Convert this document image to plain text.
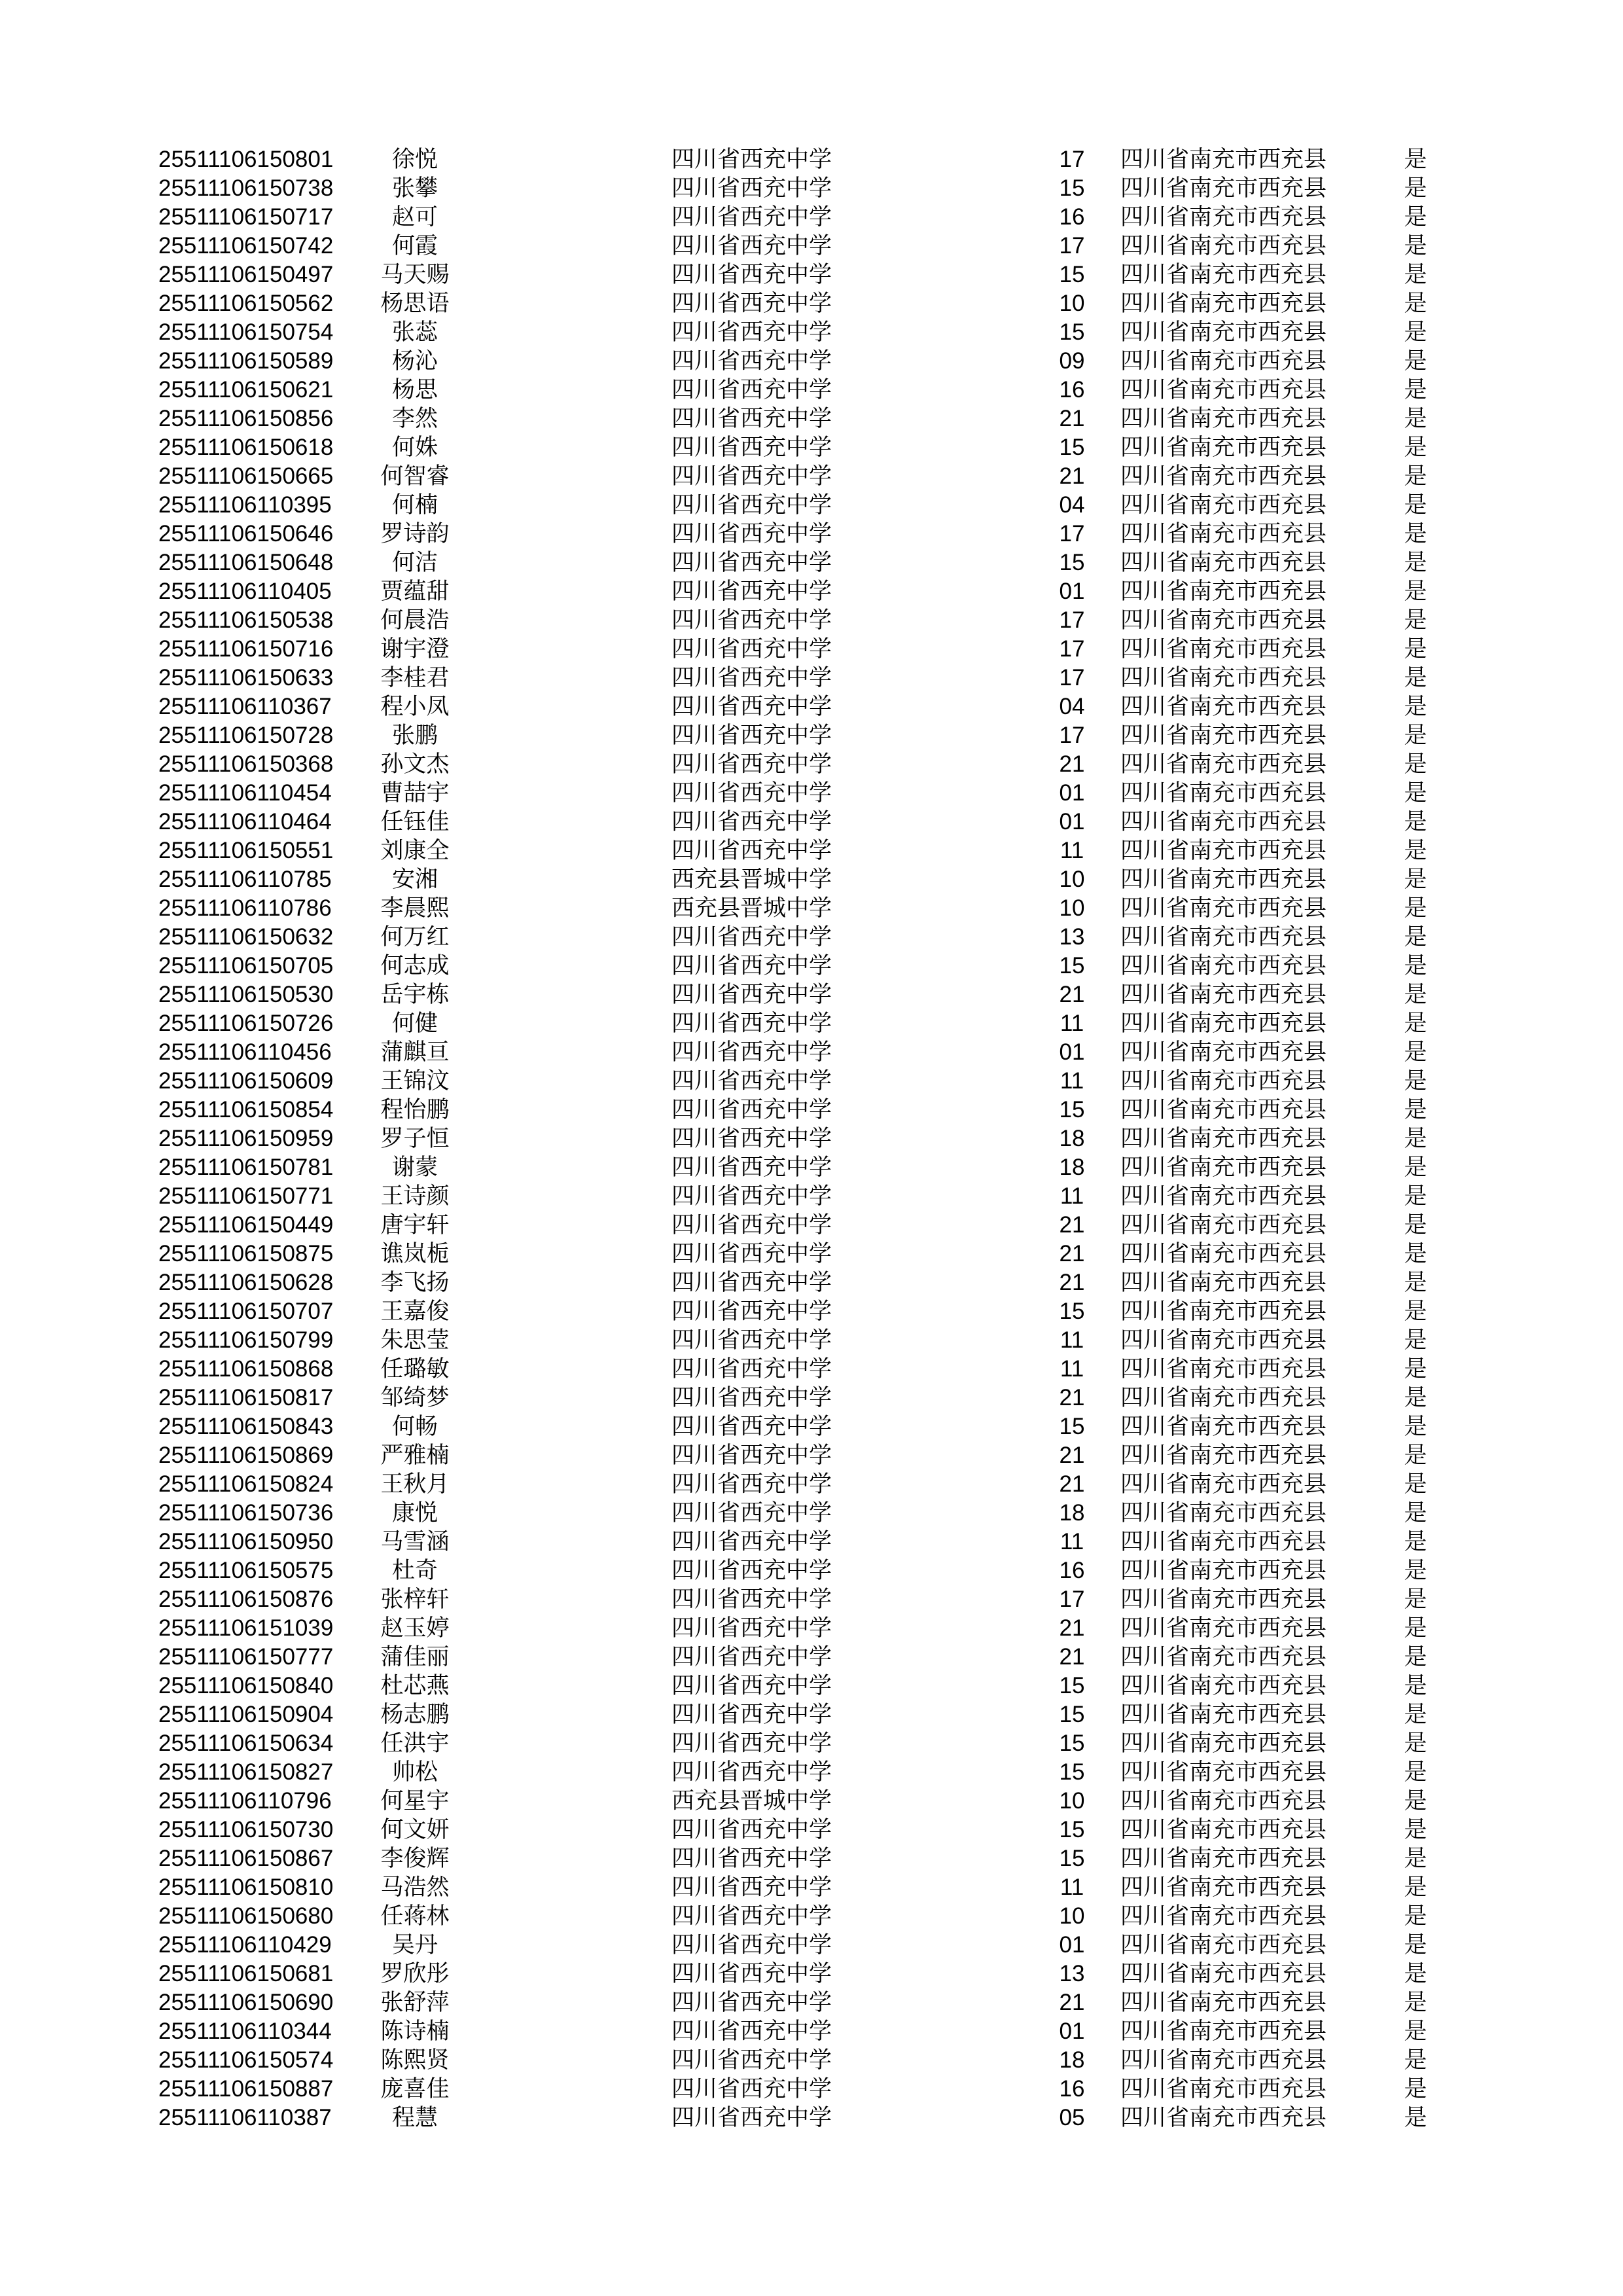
25511106150801	徐悦	四川省西充中学	17	四川省南充市西充县	是
25511106150738	张攀	四川省西充中学	15	四川省南充市西充县	是
25511106150717	赵可	四川省西充中学	16	四川省南充市西充县	是
25511106150742	何霞	四川省西充中学	17	四川省南充市西充县	是
25511106150497	马天赐	四川省西充中学	15	四川省南充市西充县	是
25511106150562	杨思语	四川省西充中学	10	四川省南充市西充县	是
25511106150754	张蕊	四川省西充中学	15	四川省南充市西充县	是
25511106150589	杨沁	四川省西充中学	09	四川省南充市西充县	是
25511106150621	杨思	四川省西充中学	16	四川省南充市西充县	是
25511106150856	李然	四川省西充中学	21	四川省南充市西充县	是
25511106150618	何姝	四川省西充中学	15	四川省南充市西充县	是
25511106150665	何智睿	四川省西充中学	21	四川省南充市西充县	是
25511106110395	何楠	四川省西充中学	04	四川省南充市西充县	是
25511106150646	罗诗韵	四川省西充中学	17	四川省南充市西充县	是
25511106150648	何洁	四川省西充中学	15	四川省南充市西充县	是
25511106110405	贾蕴甜	四川省西充中学	01	四川省南充市西充县	是
25511106150538	何晨浩	四川省西充中学	17	四川省南充市西充县	是
25511106150716	谢宇澄	四川省西充中学	17	四川省南充市西充县	是
25511106150633	李桂君	四川省西充中学	17	四川省南充市西充县	是
25511106110367	程小凤	四川省西充中学	04	四川省南充市西充县	是
25511106150728	张鹏	四川省西充中学	17	四川省南充市西充县	是
25511106150368	孙文杰	四川省西充中学	21	四川省南充市西充县	是
25511106110454	曹喆宇	四川省西充中学	01	四川省南充市西充县	是
25511106110464	任钰佳	四川省西充中学	01	四川省南充市西充县	是
25511106150551	刘康全	四川省西充中学	11	四川省南充市西充县	是
25511106110785	安湘	西充县晋城中学	10	四川省南充市西充县	是
25511106110786	李晨熙	西充县晋城中学	10	四川省南充市西充县	是
25511106150632	何万红	四川省西充中学	13	四川省南充市西充县	是
25511106150705	何志成	四川省西充中学	15	四川省南充市西充县	是
25511106150530	岳宇栋	四川省西充中学	21	四川省南充市西充县	是
25511106150726	何健	四川省西充中学	11	四川省南充市西充县	是
25511106110456	蒲麒亘	四川省西充中学	01	四川省南充市西充县	是
25511106150609	王锦汶	四川省西充中学	11	四川省南充市西充县	是
25511106150854	程怡鹏	四川省西充中学	15	四川省南充市西充县	是
25511106150959	罗子恒	四川省西充中学	18	四川省南充市西充县	是
25511106150781	谢蒙	四川省西充中学	18	四川省南充市西充县	是
25511106150771	王诗颜	四川省西充中学	11	四川省南充市西充县	是
25511106150449	唐宇轩	四川省西充中学	21	四川省南充市西充县	是
25511106150875	谯岚栀	四川省西充中学	21	四川省南充市西充县	是
25511106150628	李飞扬	四川省西充中学	21	四川省南充市西充县	是
25511106150707	王嘉俊	四川省西充中学	15	四川省南充市西充县	是
25511106150799	朱思莹	四川省西充中学	11	四川省南充市西充县	是
25511106150868	任璐敏	四川省西充中学	11	四川省南充市西充县	是
25511106150817	邹绮梦	四川省西充中学	21	四川省南充市西充县	是
25511106150843	何畅	四川省西充中学	15	四川省南充市西充县	是
25511106150869	严雅楠	四川省西充中学	21	四川省南充市西充县	是
25511106150824	王秋月	四川省西充中学	21	四川省南充市西充县	是
25511106150736	康悦	四川省西充中学	18	四川省南充市西充县	是
25511106150950	马雪涵	四川省西充中学	11	四川省南充市西充县	是
25511106150575	杜奇	四川省西充中学	16	四川省南充市西充县	是
25511106150876	张梓轩	四川省西充中学	17	四川省南充市西充县	是
25511106151039	赵玉婷	四川省西充中学	21	四川省南充市西充县	是
25511106150777	蒲佳丽	四川省西充中学	21	四川省南充市西充县	是
25511106150840	杜芯燕	四川省西充中学	15	四川省南充市西充县	是
25511106150904	杨志鹏	四川省西充中学	15	四川省南充市西充县	是
25511106150634	任洪宇	四川省西充中学	15	四川省南充市西充县	是
25511106150827	帅松	四川省西充中学	15	四川省南充市西充县	是
25511106110796	何星宇	西充县晋城中学	10	四川省南充市西充县	是
25511106150730	何文妍	四川省西充中学	15	四川省南充市西充县	是
25511106150867	李俊辉	四川省西充中学	15	四川省南充市西充县	是
25511106150810	马浩然	四川省西充中学	11	四川省南充市西充县	是
25511106150680	任蒋林	四川省西充中学	10	四川省南充市西充县	是
25511106110429	吴丹	四川省西充中学	01	四川省南充市西充县	是
25511106150681	罗欣彤	四川省西充中学	13	四川省南充市西充县	是
25511106150690	张舒萍	四川省西充中学	21	四川省南充市西充县	是
25511106110344	陈诗楠	四川省西充中学	01	四川省南充市西充县	是
25511106150574	陈熙贤	四川省西充中学	18	四川省南充市西充县	是
25511106150887	庞喜佳	四川省西充中学	16	四川省南充市西充县	是
25511106110387	程慧	四川省西充中学	05	四川省南充市西充县	是
